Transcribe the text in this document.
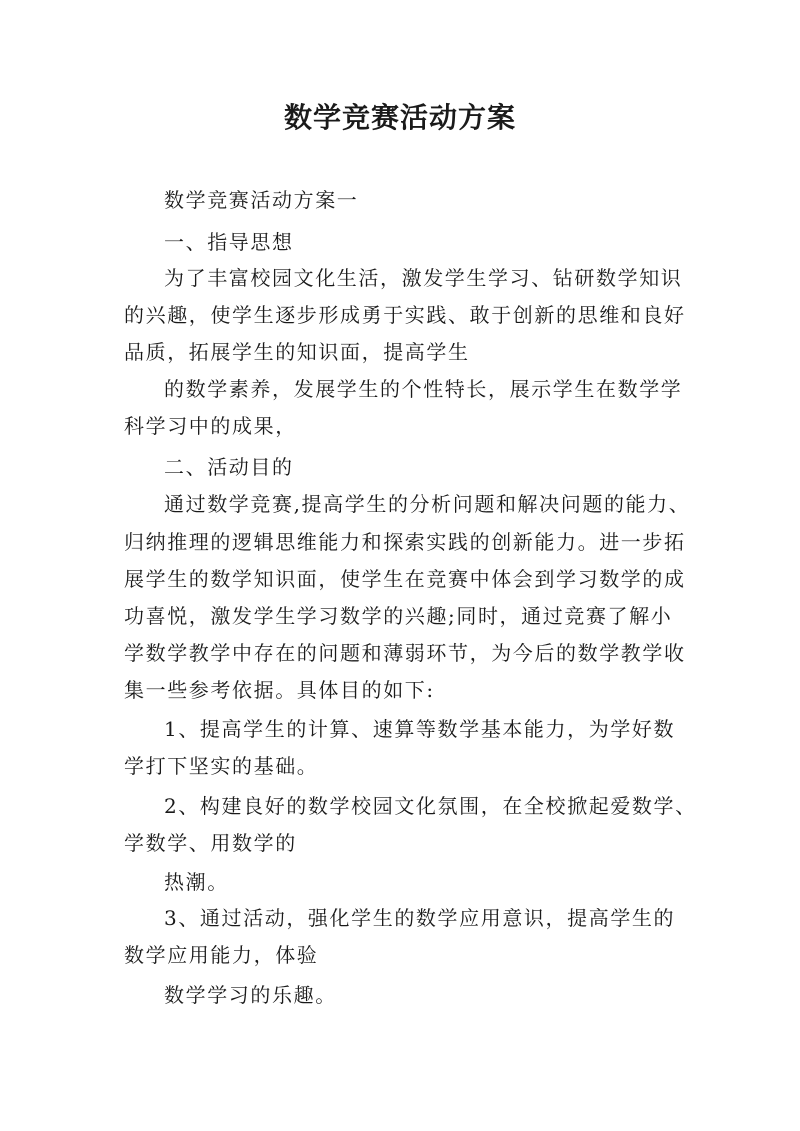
数学竞赛活动方案

数学竞赛活动方案一

一、指导思想

为了丰富校园文化生活，激发学生学习、钻研数学知识

的兴趣，使学生逐步形成勇于实践、敢于创新的思维和良好

品质，拓展学生的知识面，提高学生

的数学素养，发展学生的个性特长，展示学生在数学学

科学习中的成果，

二、活动目的

通过数学竞赛,提高学生的分析问题和解决问题的能力、

归纳推理的逻辑思维能力和探索实践的创新能力。进一步拓

展学生的数学知识面，使学生在竞赛中体会到学习数学的成

功喜悦，激发学生学习数学的兴趣;同时，通过竞赛了解小

学数学教学中存在的问题和薄弱环节，为今后的数学教学收

集一些参考依据。具体目的如下:

1、提高学生的计算、速算等数学基本能力，为学好数

学打下坚实的基础。

2、构建良好的数学校园文化氛围，在全校掀起爱数学、

学数学、用数学的

热潮。

3、通过活动，强化学生的数学应用意识，提高学生的

数学应用能力，体验

数学学习的乐趣。
